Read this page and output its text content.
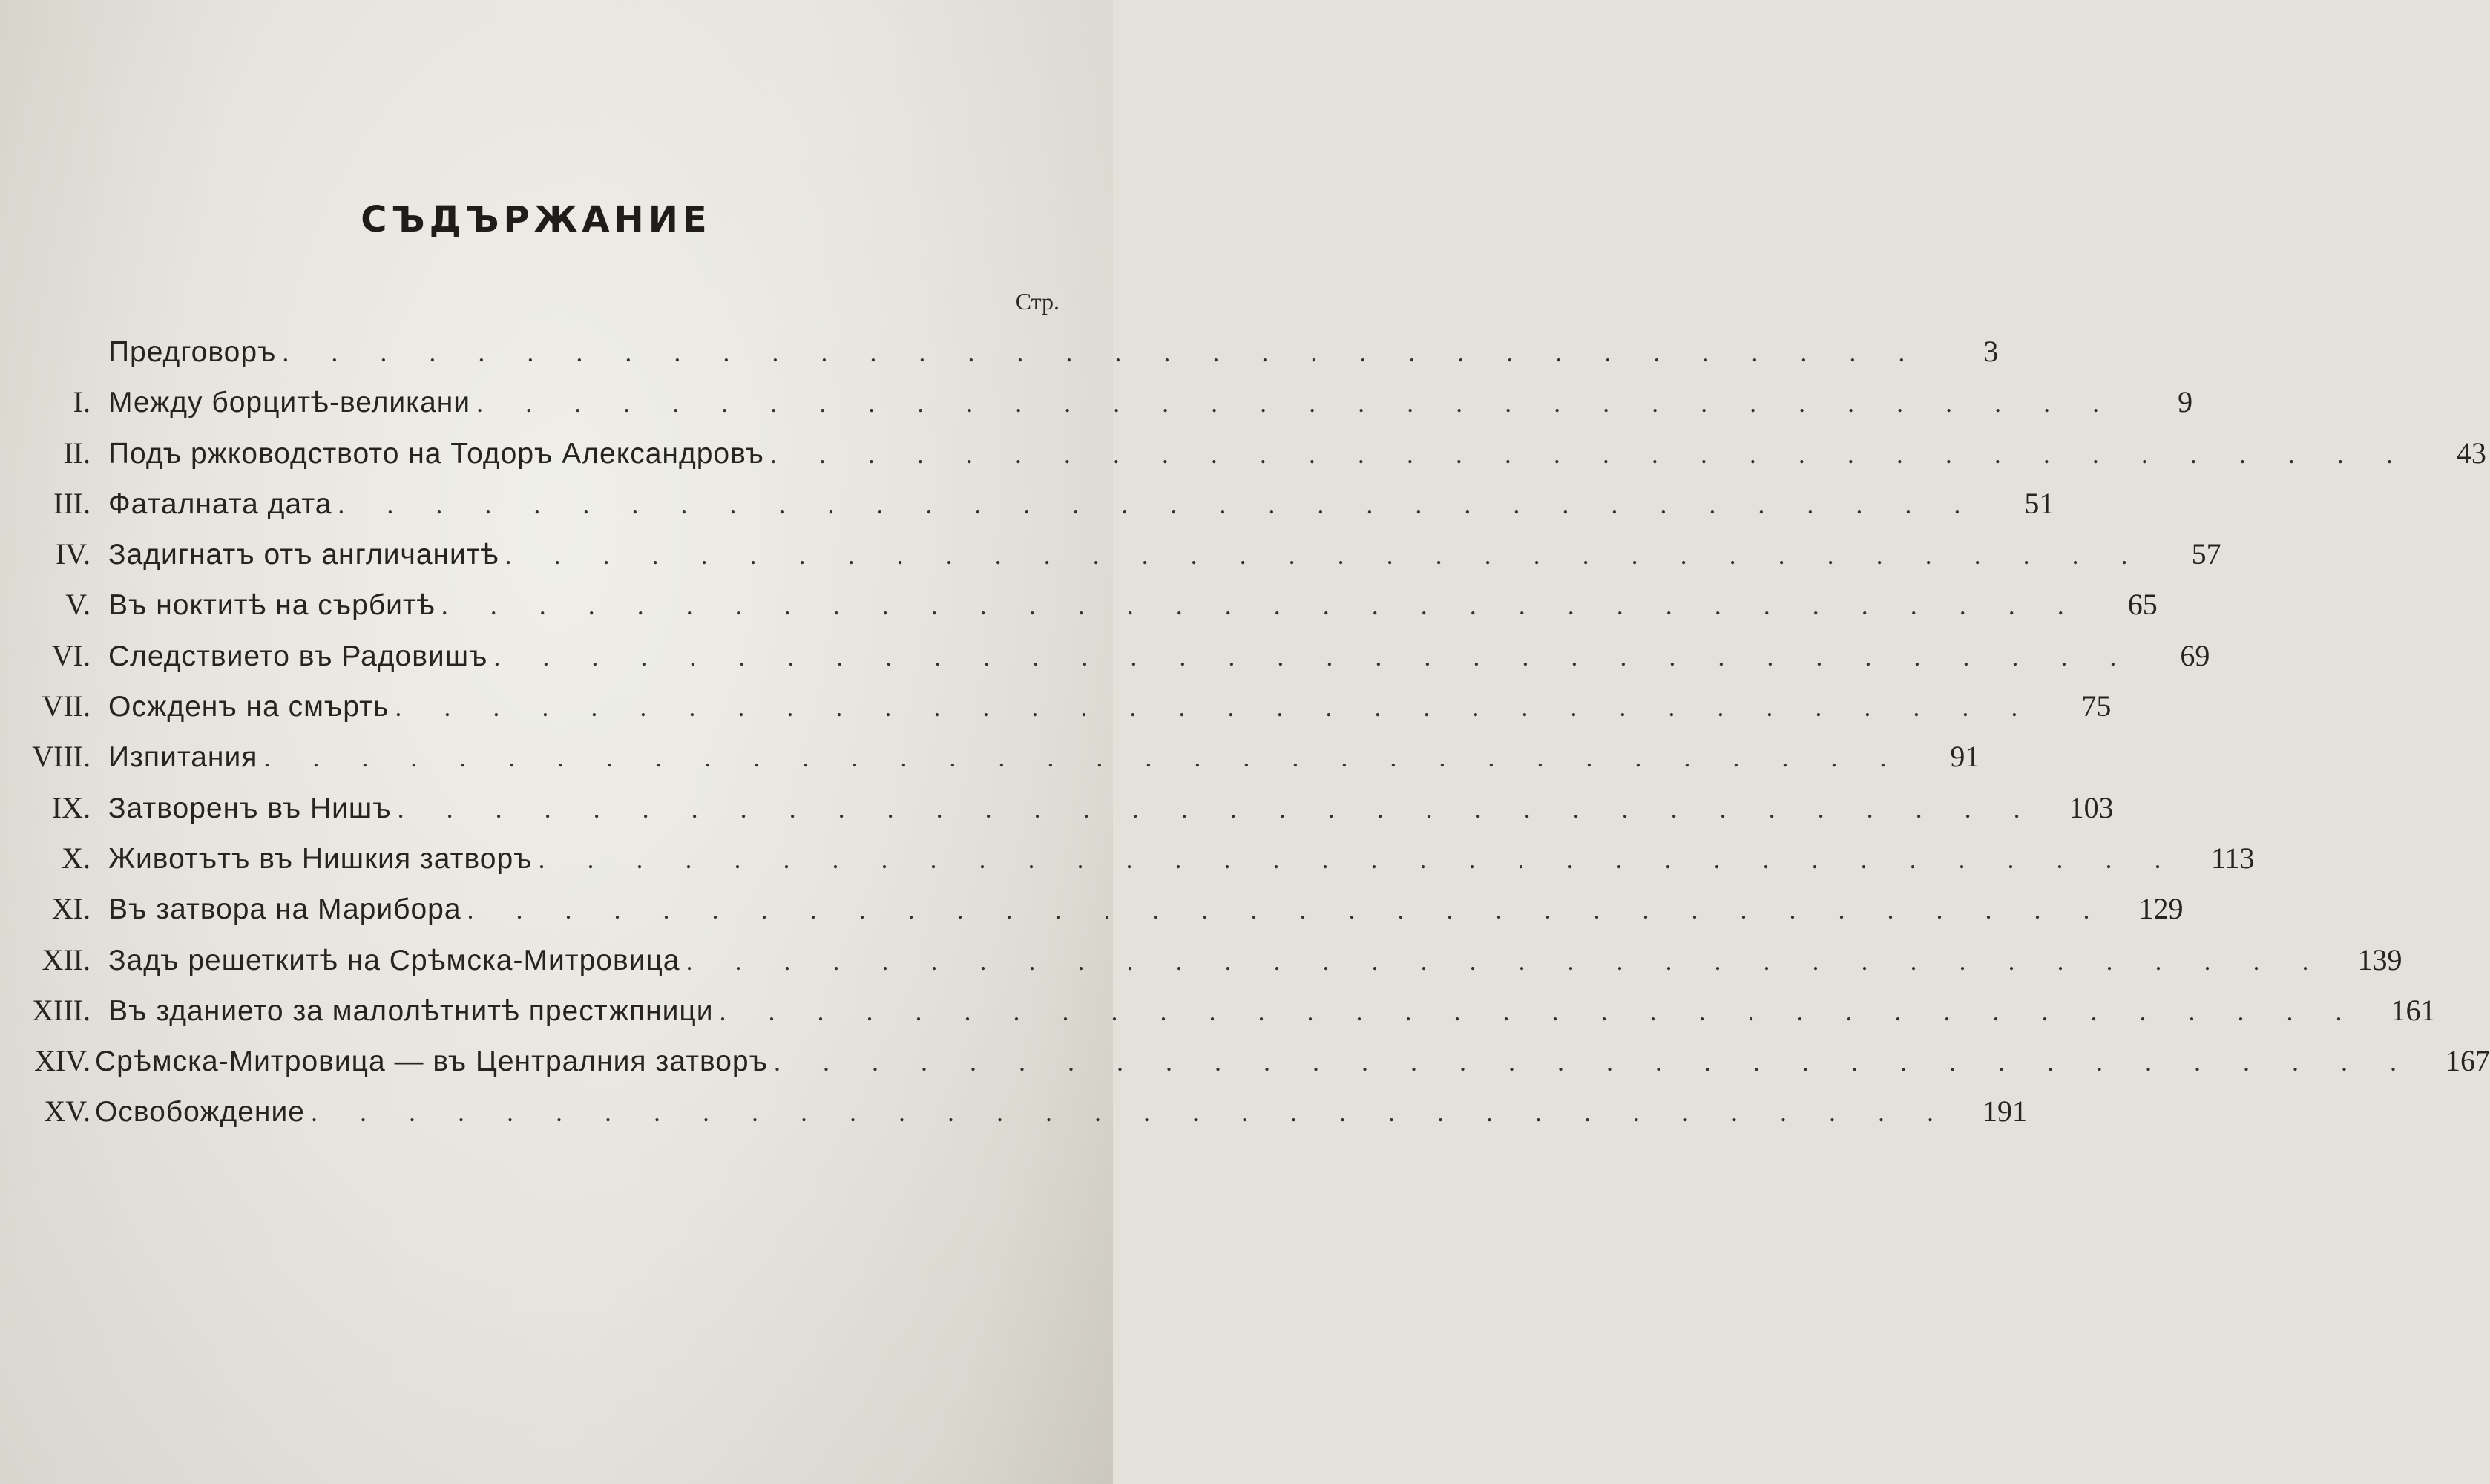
СЪДЪРЖАНИЕ
Стр.
Предговоръ . . . . . . . . . . . . . . . . . . . . . . . . . . . . . . . . . .	3
I. Между борцитѣ-великани . . . . . . . . . . . . . . . . . . . . . . . . . . . . . . . . . .	9
II. Подъ ржководството на Тодоръ Александровъ . . . . . . . . . . . . . . . . . . . . . . . . . . . . . . . . . .	43
III. Фаталната дата . . . . . . . . . . . . . . . . . . . . . . . . . . . . . . . . . .	51
IV. Задигнатъ отъ англичанитѣ . . . . . . . . . . . . . . . . . . . . . . . . . . . . . . . . . .	57
V. Въ ноктитѣ на сърбитѣ . . . . . . . . . . . . . . . . . . . . . . . . . . . . . . . . . .	65
VI. Следствието въ Радовишъ . . . . . . . . . . . . . . . . . . . . . . . . . . . . . . . . . .	69
VII. Осжденъ на смърть . . . . . . . . . . . . . . . . . . . . . . . . . . . . . . . . . .	75
VIII. Изпитания . . . . . . . . . . . . . . . . . . . . . . . . . . . . . . . . . .	91
IX. Затворенъ въ Нишъ . . . . . . . . . . . . . . . . . . . . . . . . . . . . . . . . . .	103
X. Животътъ въ Нишкия затворъ . . . . . . . . . . . . . . . . . . . . . . . . . . . . . . . . . .	113
XI. Въ затвора на Марибора . . . . . . . . . . . . . . . . . . . . . . . . . . . . . . . . . .	129
XII. Задъ решеткитѣ на Срѣмска-Митровица . . . . . . . . . . . . . . . . . . . . . . . . . . . . . . . . . .	139
XIII. Въ зданието за малолѣтнитѣ престжпници . . . . . . . . . . . . . . . . . . . . . . . . . . . . . . . . . .	161
XIV. Срѣмска-Митровица — въ Централния затворъ . . . . . . . . . . . . . . . . . . . . . . . . . . . . . . . . . .	167
XV. Освобождение . . . . . . . . . . . . . . . . . . . . . . . . . . . . . . . . . .	191
